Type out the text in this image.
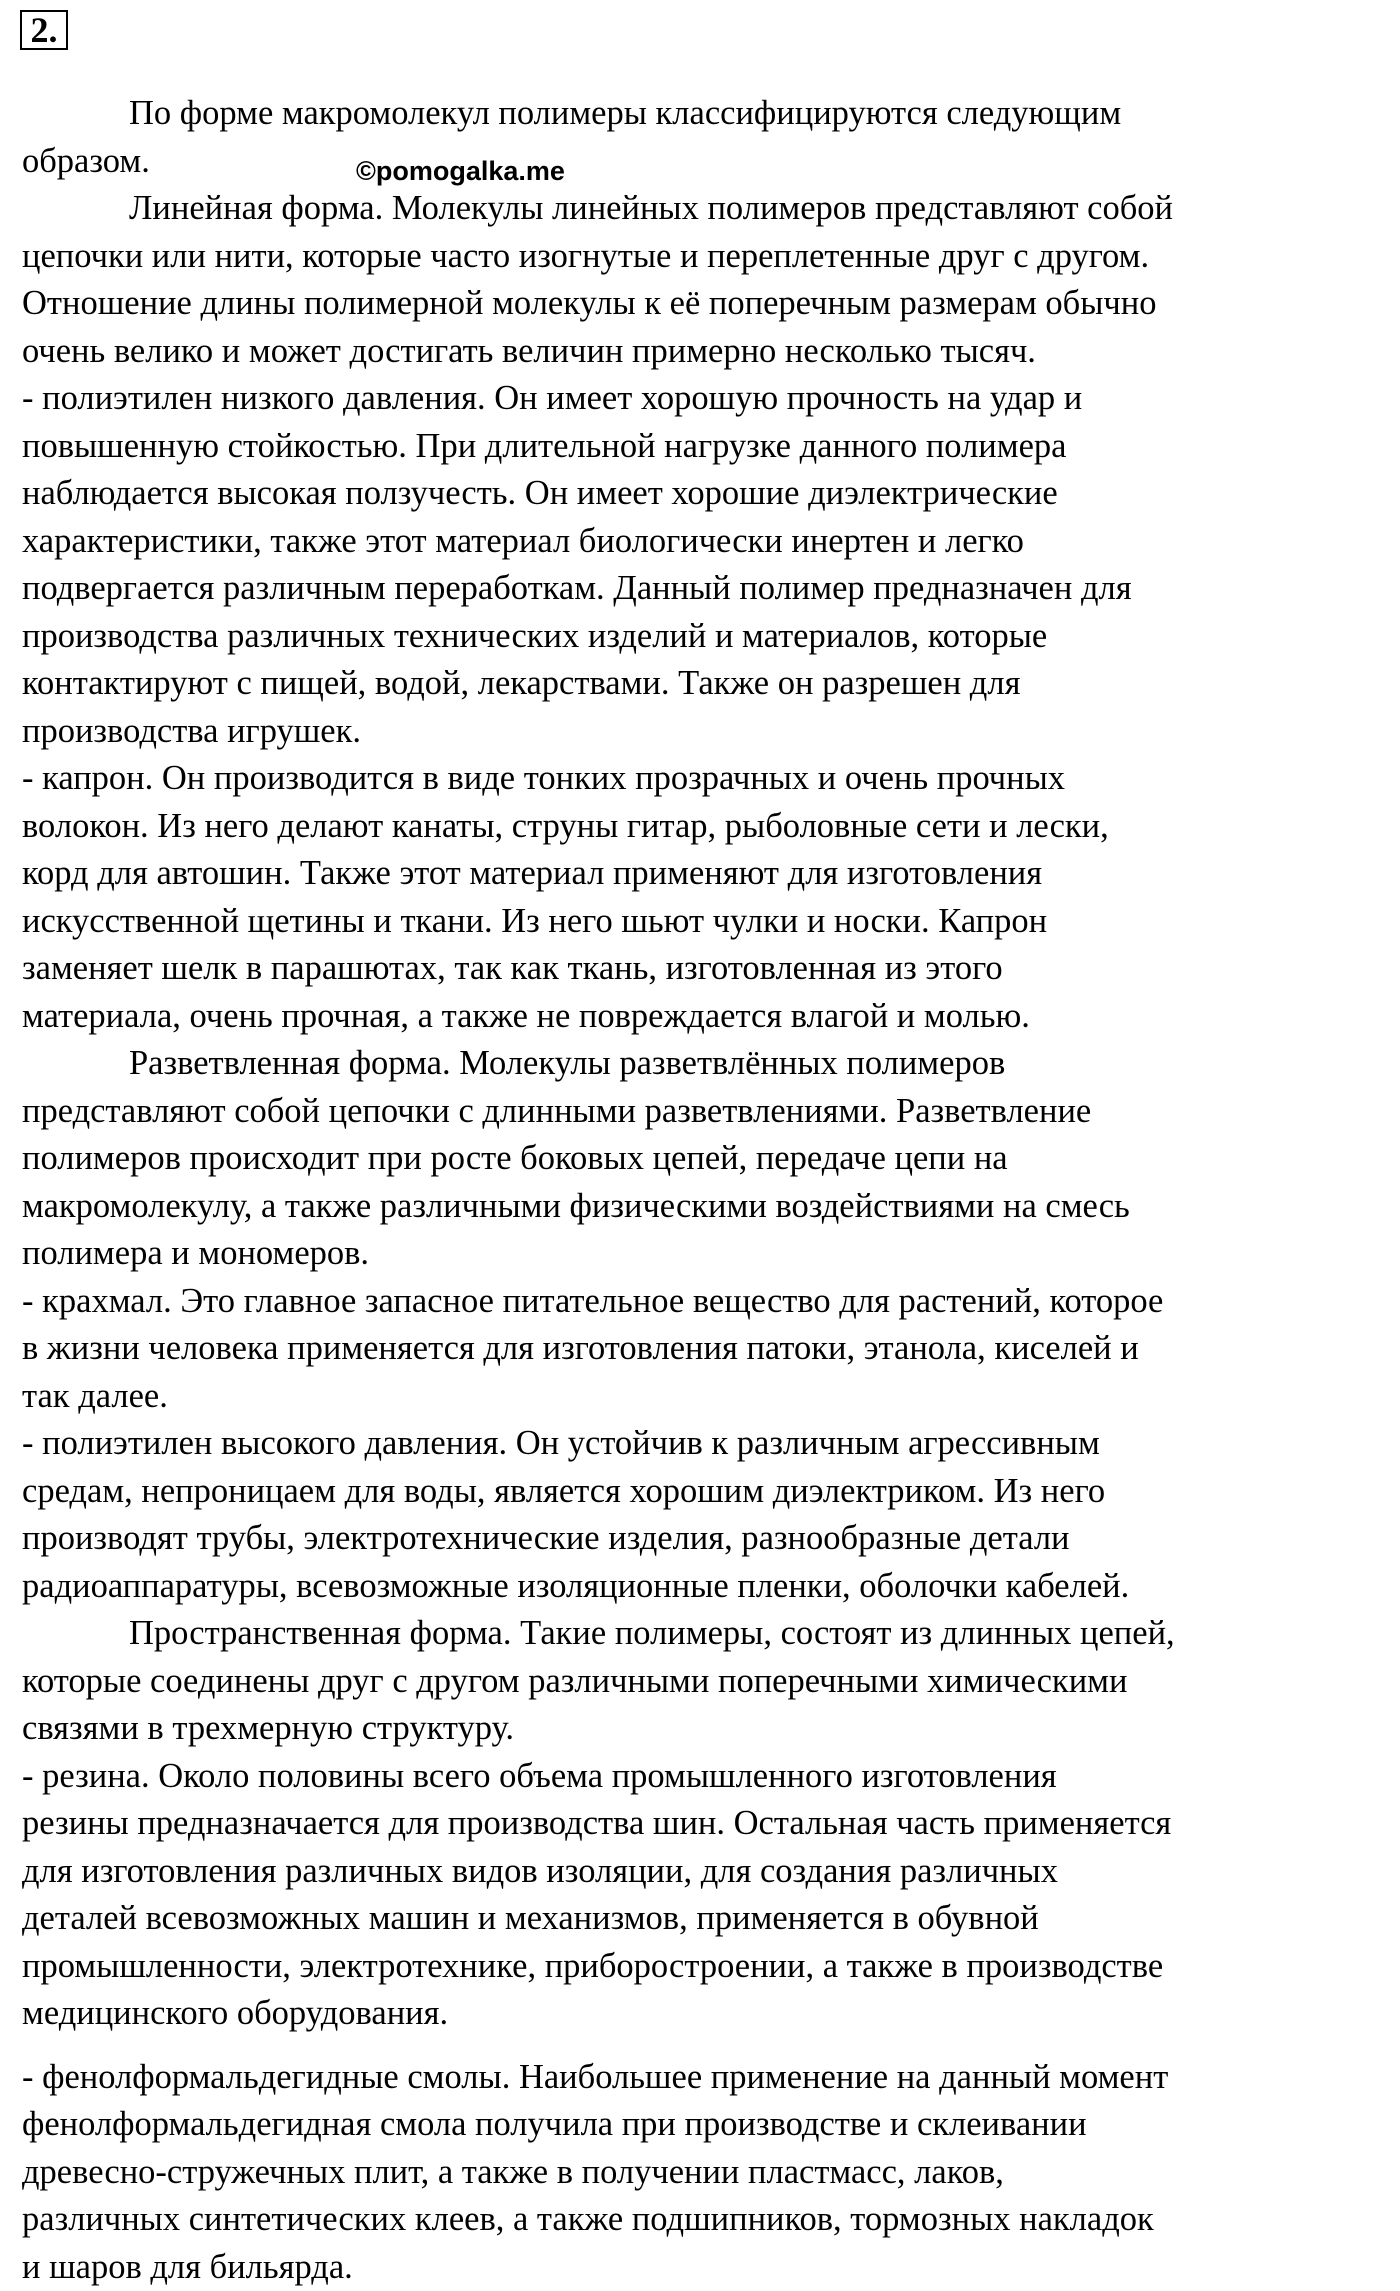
2.
©pomogalka.me

По форме макромолекул полимеры классифицируются следующим

образом.

Линейная форма. Молекулы линейных полимеров представляют собой

цепочки или нити, которые часто изогнутые и переплетенные друг с другом.

Отношение длины полимерной молекулы к её поперечным размерам обычно

очень велико и может достигать величин примерно несколько тысяч.

- полиэтилен низкого давления. Он имеет хорошую прочность на удар и

повышенную стойкостью. При длительной нагрузке данного полимера

наблюдается высокая ползучесть. Он имеет хорошие диэлектрические

характеристики, также этот материал биологически инертен и легко

подвергается различным переработкам. Данный полимер предназначен для

производства различных технических изделий и материалов, которые

контактируют с пищей, водой, лекарствами. Также он разрешен для

производства игрушек.

- капрон. Он производится в виде тонких прозрачных и очень прочных

волокон. Из него делают канаты, струны гитар, рыболовные сети и лески,

корд для автошин. Также этот материал применяют для изготовления

искусственной щетины и ткани. Из него шьют чулки и носки. Капрон

заменяет шелк в парашютах, так как ткань, изготовленная из этого

материала, очень прочная, а также не повреждается влагой и молью.

Разветвленная форма. Молекулы разветвлённых полимеров

представляют собой цепочки с длинными разветвлениями. Разветвление

полимеров происходит при росте боковых цепей, передаче цепи на

макромолекулу, а также различными физическими воздействиями на смесь

полимера и мономеров.

- крахмал. Это главное запасное питательное вещество для растений, которое

в жизни человека применяется для изготовления патоки, этанола, киселей и

так далее.

- полиэтилен высокого давления. Он устойчив к различным агрессивным

средам, непроницаем для воды, является хорошим диэлектриком. Из него

производят трубы, электротехнические изделия, разнообразные детали

радиоаппаратуры, всевозможные изоляционные пленки, оболочки кабелей.

Пространственная форма. Такие полимеры, состоят из длинных цепей,

которые соединены друг с другом различными поперечными химическими

связями в трехмерную структуру.

- резина. Около половины всего объема промышленного изготовления

резины предназначается для производства шин. Остальная часть применяется

для изготовления различных видов изоляции, для создания различных

деталей всевозможных машин и механизмов, применяется в обувной

промышленности, электротехнике, приборостроении, а также в производстве

медицинского оборудования.

- фенолформальдегидные смолы. Наибольшее применение на данный момент

фенолформальдегидная смола получила при производстве и склеивании

древесно-стружечных плит, а также в получении пластмасс, лаков,

различных синтетических клеев, а также подшипников, тормозных накладок

и шаров для бильярда.
